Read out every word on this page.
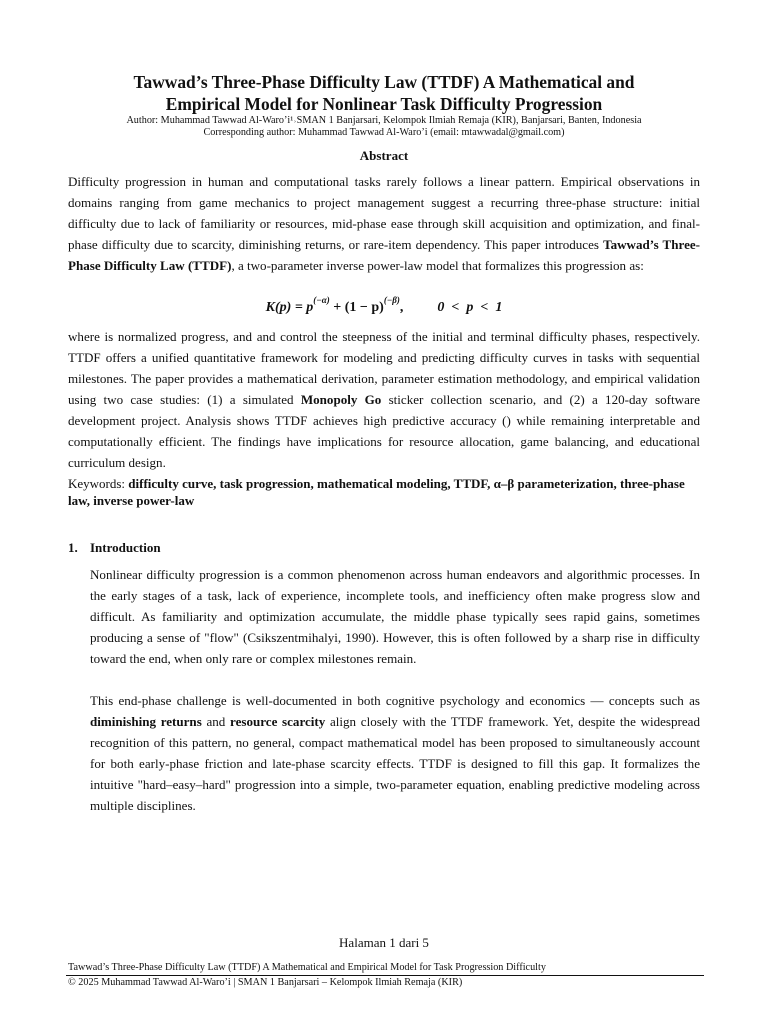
Tawwad’s Three-Phase Difficulty Law (TTDF) A Mathematical and
Empirical Model for Nonlinear Task Difficulty Progression
Author: Muhammad Tawwad Al-Waro’i¹˒SMAN 1 Banjarsari, Kelompok Ilmiah Remaja (KIR), Banjarsari, Banten, Indonesia
Corresponding author: Muhammad Tawwad Al-Waro’i (email: mtawwadal@gmail.com)
Abstract

Difficulty progression in human and computational tasks rarely follows a linear pattern. Empirical observations in domains ranging from game mechanics to project management suggest a recurring three-phase structure: initial difficulty due to lack of familiarity or resources, mid-phase ease through skill acquisition and optimization, and final-phase difficulty due to scarcity, diminishing returns, or rare-item dependency. This paper introduces Tawwad’s Three-Phase Difficulty Law (TTDF), a two-parameter inverse power-law model that formalizes this progression as:

$K(p) = p^{(-\alpha)} + (1 - p)^{(-\beta)}$, 0  <  p  <  1

where is normalized progress, and and control the steepness of the initial and terminal difficulty phases, respectively. TTDF offers a unified quantitative framework for modeling and predicting difficulty curves in tasks with sequential milestones. The paper provides a mathematical derivation, parameter estimation methodology, and empirical validation using two case studies: (1) a simulated Monopoly Go sticker collection scenario, and (2) a 120-day software development project. Analysis shows TTDF achieves high predictive accuracy () while remaining interpretable and computationally efficient. The findings have implications for resource allocation, game balancing, and educational curriculum design.

Keywords: difficulty curve, task progression, mathematical modeling, TTDF, α–β parameterization, three-phase law, inverse power-law
1. Introduction

Nonlinear difficulty progression is a common phenomenon across human endeavors and algorithmic processes. In the early stages of a task, lack of experience, incomplete tools, and inefficiency often make progress slow and difficult. As familiarity and optimization accumulate, the middle phase typically sees rapid gains, sometimes producing a sense of "flow" (Csikszentmihalyi, 1990). However, this is often followed by a sharp rise in difficulty toward the end, when only rare or complex milestones remain.

This end-phase challenge is well-documented in both cognitive psychology and economics — concepts such as diminishing returns and resource scarcity align closely with the TTDF framework. Yet, despite the widespread recognition of this pattern, no general, compact mathematical model has been proposed to simultaneously account for both early-phase friction and late-phase scarcity effects. TTDF is designed to fill this gap. It formalizes the intuitive "hard–easy–hard" progression into a simple, two-parameter equation, enabling predictive modeling across multiple disciplines.

Halaman 1 dari 5
Tawwad’s Three-Phase Difficulty Law (TTDF) A Mathematical and Empirical Model for Task Progression Difficulty
© 2025 Muhammad Tawwad Al-Waro’i | SMAN 1 Banjarsari – Kelompok Ilmiah Remaja (KIR)
